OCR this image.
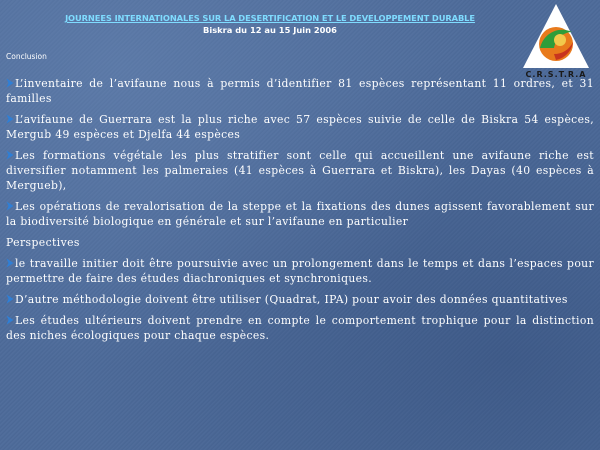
JOURNEES INTERNATIONALES SUR LA DESERTIFICATION ET LE DEVELOPPEMENT DURABLE
Biskra du 12 au 15 Juin 2006
C.R.S.T.R.A
Conclusion

L’inventaire de l’avifaune nous à permis d’identifier 81 espèces représentant 11 ordres, et 31 familles

L’avifaune de Guerrara est la plus riche avec 57 espèces suivie de celle de Biskra 54 espèces, Mergub 49 espèces et Djelfa 44 espèces

Les formations végétale les plus stratifier sont celle qui accueillent une avifaune riche est diversifier notamment les palmeraies (41 espèces à Guerrara et Biskra), les Dayas (40 espèces à Mergueb),

Les opérations de revalorisation de la steppe et la fixations des dunes agissent favorablement sur la biodiversité biologique en générale et sur l’avifaune en particulier

Perspectives

le travaille initier doit être poursuivie avec un prolongement dans le temps et dans l’espaces pour permettre de faire des études diachroniques et synchroniques.

D’autre méthodologie doivent être utiliser (Quadrat, IPA) pour avoir des données quantitatives

Les études ultérieurs doivent prendre en compte le comportement trophique pour la distinction des niches écologiques pour chaque espèces.
